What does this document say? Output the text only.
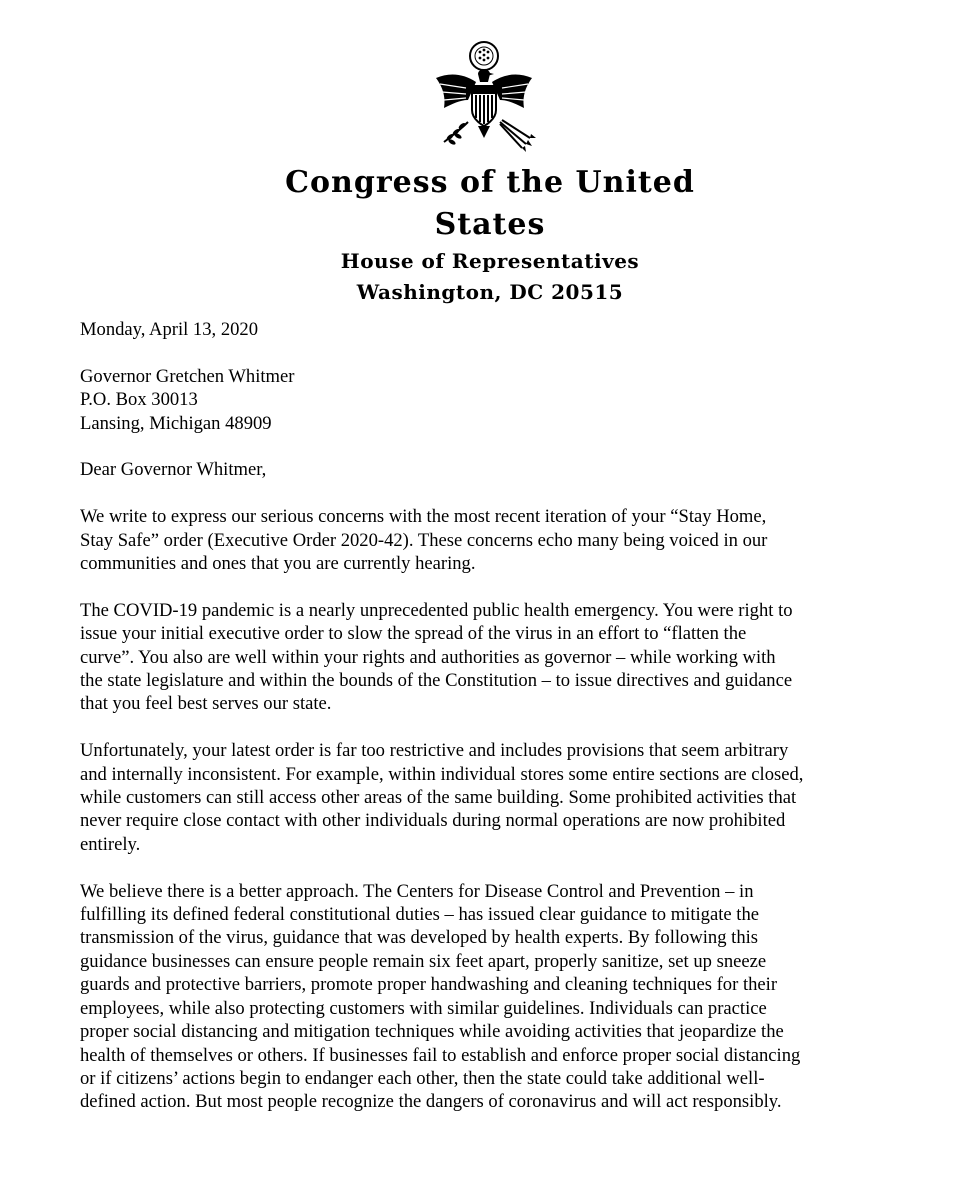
Congress of the United States
House of Representatives
Washington, DC 20515

Monday, April 13, 2020

Governor Gretchen Whitmer

P.O. Box 30013

Lansing, Michigan 48909

Dear Governor Whitmer,

We write to express our serious concerns with the most recent iteration of your “Stay Home,
Stay Safe” order (Executive Order 2020-42). These concerns echo many being voiced in our
communities and ones that you are currently hearing.

The COVID-19 pandemic is a nearly unprecedented public health emergency. You were right to
issue your initial executive order to slow the spread of the virus in an effort to “flatten the
curve”. You also are well within your rights and authorities as governor – while working with
the state legislature and within the bounds of the Constitution – to issue directives and guidance
that you feel best serves our state.

Unfortunately, your latest order is far too restrictive and includes provisions that seem arbitrary
and internally inconsistent. For example, within individual stores some entire sections are closed,
while customers can still access other areas of the same building. Some prohibited activities that
never require close contact with other individuals during normal operations are now prohibited
entirely.

We believe there is a better approach. The Centers for Disease Control and Prevention – in
fulfilling its defined federal constitutional duties – has issued clear guidance to mitigate the
transmission of the virus, guidance that was developed by health experts. By following this
guidance businesses can ensure people remain six feet apart, properly sanitize, set up sneeze
guards and protective barriers, promote proper handwashing and cleaning techniques for their
employees, while also protecting customers with similar guidelines. Individuals can practice
proper social distancing and mitigation techniques while avoiding activities that jeopardize the
health of themselves or others. If businesses fail to establish and enforce proper social distancing
or if citizens’ actions begin to endanger each other, then the state could take additional well-
defined action. But most people recognize the dangers of coronavirus and will act responsibly.
